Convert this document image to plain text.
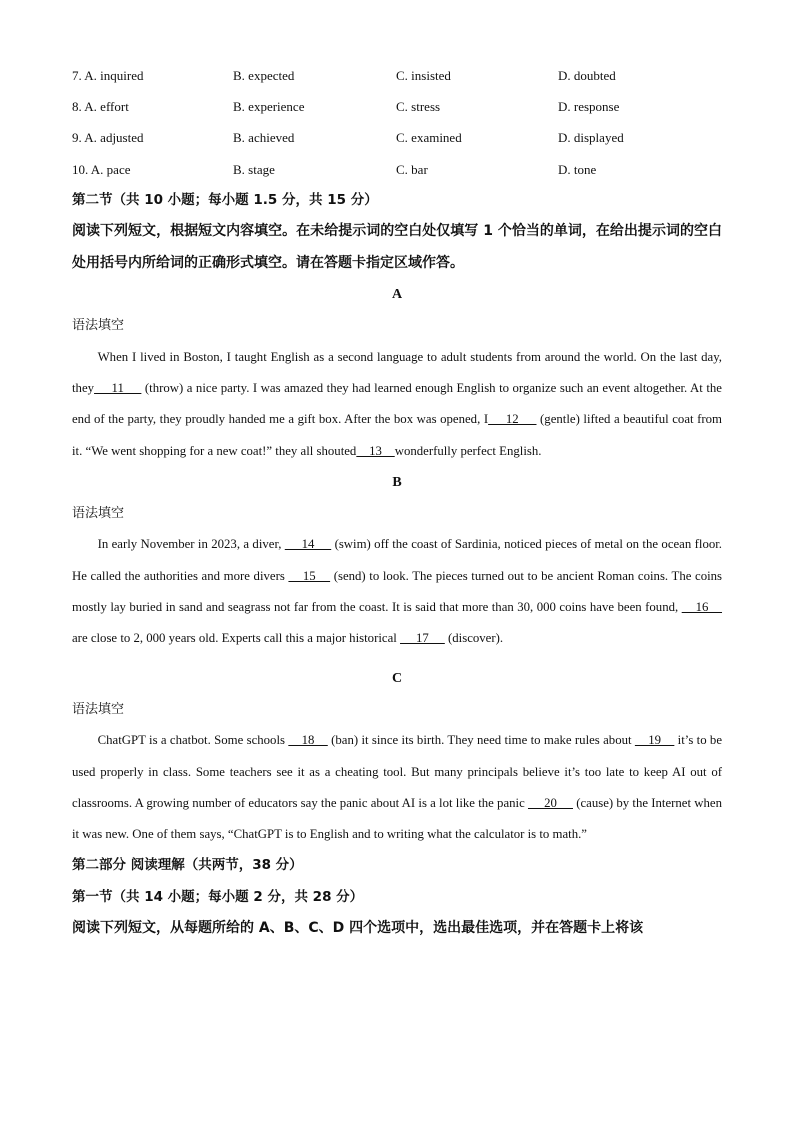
7. A. inquired	B. expected	C. insisted	D. doubted
8. A. effort	B. experience	C. stress	D. response
9. A. adjusted	B. achieved	C. examined	D. displayed
10. A. pace	B. stage	C. bar	D. tone

第二节（共 10 小题；每小题 1.5 分，共 15 分）

阅读下列短文，根据短文内容填空。在未给提示词的空白处仅填写 1 个恰当的单词，在给出提示词的空白处用括号内所给词的正确形式填空。请在答题卡指定区域作答。

A

语法填空

When I lived in Boston, I taught English as a second language to adult students from around the world. On the last day, they     11      (throw) a nice party. I was amazed they had learned enough English to organize such an event altogether. At the end of the party, they proudly handed me a gift box. After the box was opened, I     12      (gentle) lifted a beautiful coat from it. “We went shopping for a new coat!” they all shouted    13    wonderfully perfect English.

B

语法填空

In early November in 2023, a diver,      14      (swim) off the coast of Sardinia, noticed pieces of metal on the ocean floor. He called the authorities and more divers     15     (send) to look. The pieces turned out to be ancient Roman coins. The coins mostly lay buried in sand and seagrass not far from the coast. It is said that more than 30, 000 coins have been found,     16     are close to 2, 000 years old. Experts call this a major historical      17      (discover).

C

语法填空

ChatGPT is a chatbot. Some schools     18     (ban) it since its birth. They need time to make rules about     19     it’s to be used properly in class. Some teachers see it as a cheating tool. But many principals believe it’s too late to keep AI out of classrooms. A growing number of educators say the panic about AI is a lot like the panic      20      (cause) by the Internet when it was new. One of them says, “ChatGPT is to English and to writing what the calculator is to math.”

第二部分 阅读理解（共两节，38 分）

第一节（共 14 小题；每小题 2 分，共 28 分）

阅读下列短文，从每题所给的 A、B、C、D 四个选项中，选出最佳选项，并在答题卡上将该
